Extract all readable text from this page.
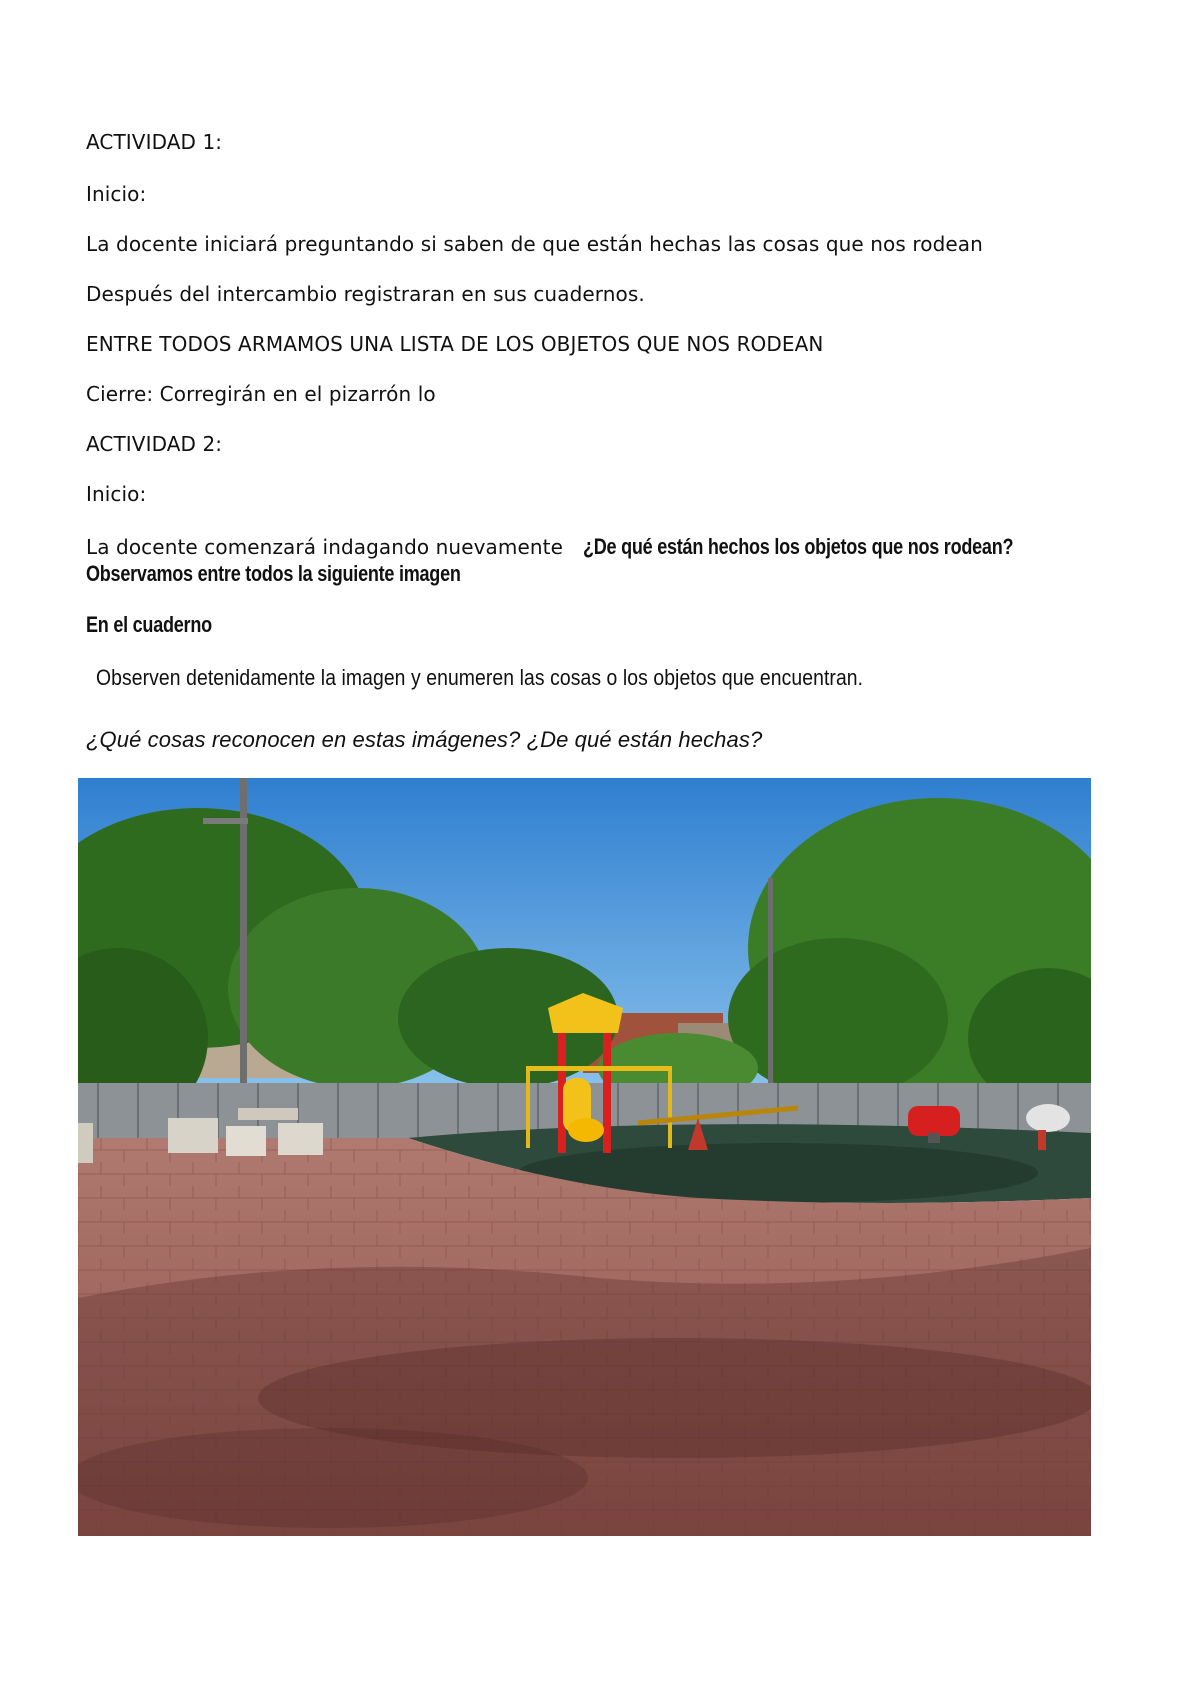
ACTIVIDAD 1:
Inicio:
La docente iniciará preguntando si saben de que están hechas las cosas que nos rodean
Después del intercambio registraran en sus cuadernos.
ENTRE TODOS ARMAMOS UNA LISTA DE LOS OBJETOS QUE NOS RODEAN
Cierre: Corregirán en el pizarrón lo
ACTIVIDAD 2:
Inicio:
La docente comenzará indagando nuevamente ¿De qué están hechos los objetos que nos rodean?
Observamos entre todos la siguiente imagen
En el cuaderno
Observen detenidamente la imagen y enumeren las cosas o los objetos que encuentran.
¿Qué cosas reconocen en estas imágenes? ¿De qué están hechas?
